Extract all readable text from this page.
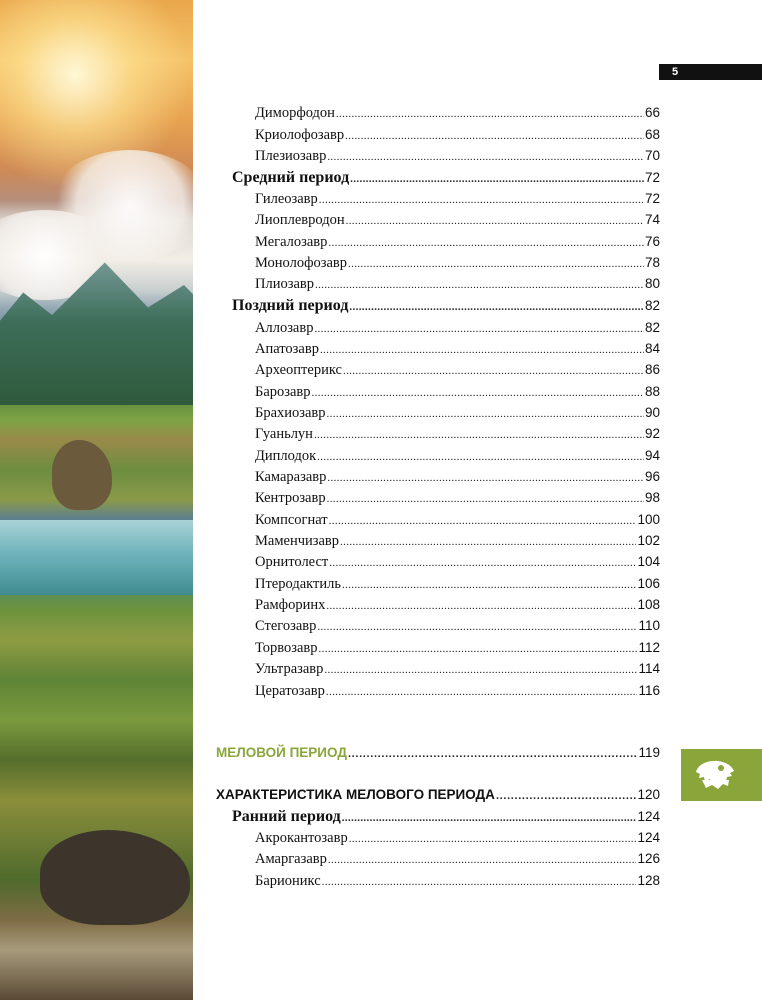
5
Диморфодон . . .	66
Криолофозавр . . .	68
Плезиозавр . . .	70
Средний период . . .	72
Гилеозавр . . .	72
Лиоплевродон . . .	74
Мегалозавр . . .	76
Монолофозавр . . .	78
Плиозавр . . .	80
Поздний период . . .	82
Аллозавр . . .	82
Апатозавр . . .	84
Археоптерикс . . .	86
Барозавр . . .	88
Брахиозавр . . .	90
Гуаньлун . . .	92
Диплодок . . .	94
Камаразавр . . .	96
Кентрозавр . . .	98
Компсогнат . . .	100
Маменчизавр . . .	102
Орнитолест . . .	104
Птеродактиль . . .	106
Рамфоринх . . .	108
Стегозавр . . .	110
Торвозавр . . .	112
Ультразавр . . .	114
Цератозавр . . .	116
МЕЛОВОЙ ПЕРИОД . . .	119
ХАРАКТЕРИСТИКА МЕЛОВОГО ПЕРИОДА . . .	120
Ранний период . . .	124
Акрокантозавр . . .	124
Амаргазавр . . .	126
Барионикс . . .	128
